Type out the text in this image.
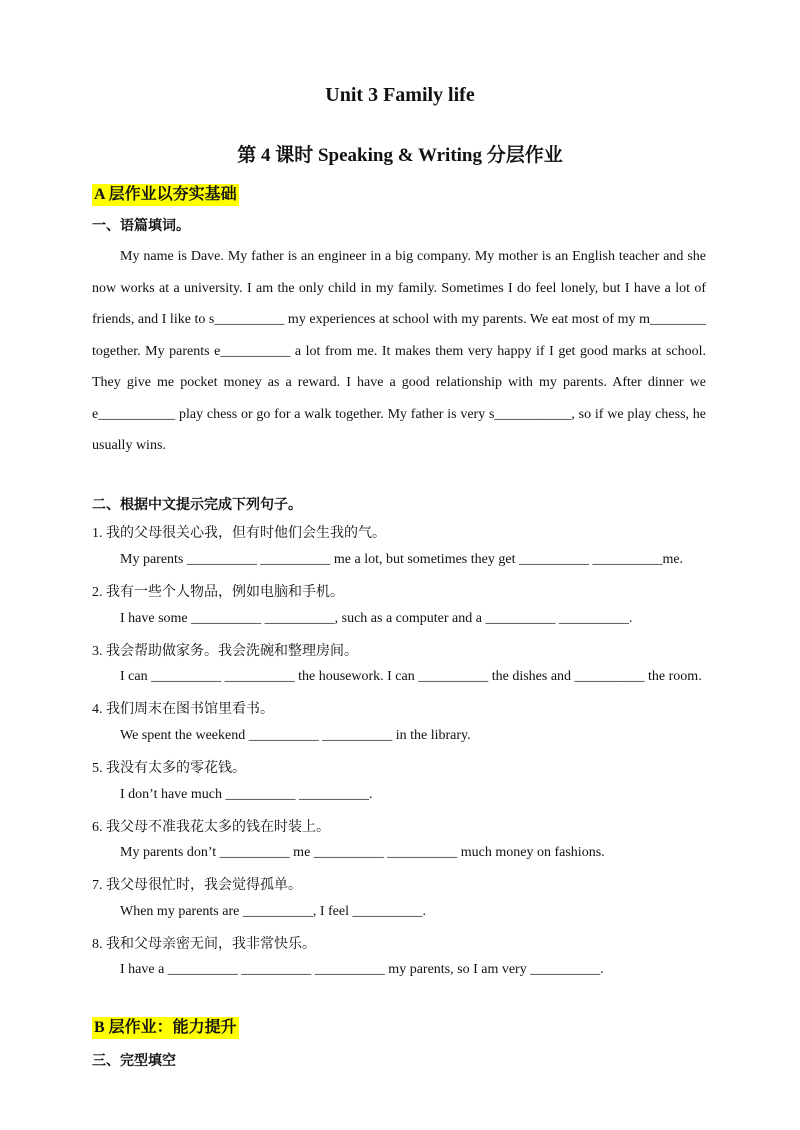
Unit 3 Family life
第 4 课时 Speaking & Writing 分层作业
A 层作业以夯实基础
一、语篇填词。

My name is Dave. My father is an engineer in a big company. My mother is an English teacher and she now works at a university. I am the only child in my family. Sometimes I do feel lonely, but I have a lot of friends, and I like to s__________ my experiences at school with my parents. We eat most of my m________ together. My parents e__________ a lot from me. It makes them very happy if I get good marks at school. They give me pocket money as a reward. I have a good relationship with my parents. After dinner we e___________ play chess or go for a walk together. My father is very s___________, so if we play chess, he usually wins.

二、根据中文提示完成下列句子。
1. 我的父母很关心我，但有时他们会生我的气。
My parents __________ __________ me a lot, but sometimes they get __________ __________me.
2. 我有一些个人物品，例如电脑和手机。
I have some __________ __________, such as a computer and a __________ __________.
3. 我会帮助做家务。我会洗碗和整理房间。
I can __________ __________ the housework. I can __________ the dishes and __________ the room.
4. 我们周末在图书馆里看书。
We spent the weekend __________ __________ in the library.
5. 我没有太多的零花钱。
I don’t have much __________ __________.
6. 我父母不准我花太多的钱在时装上。
My parents don’t __________ me __________ __________ much money on fashions.
7. 我父母很忙时，我会觉得孤单。
When my parents are __________, I feel __________.
8. 我和父母亲密无间，我非常快乐。
I have a __________ __________ __________ my parents, so I am very __________.
B 层作业：能力提升
三、完型填空
